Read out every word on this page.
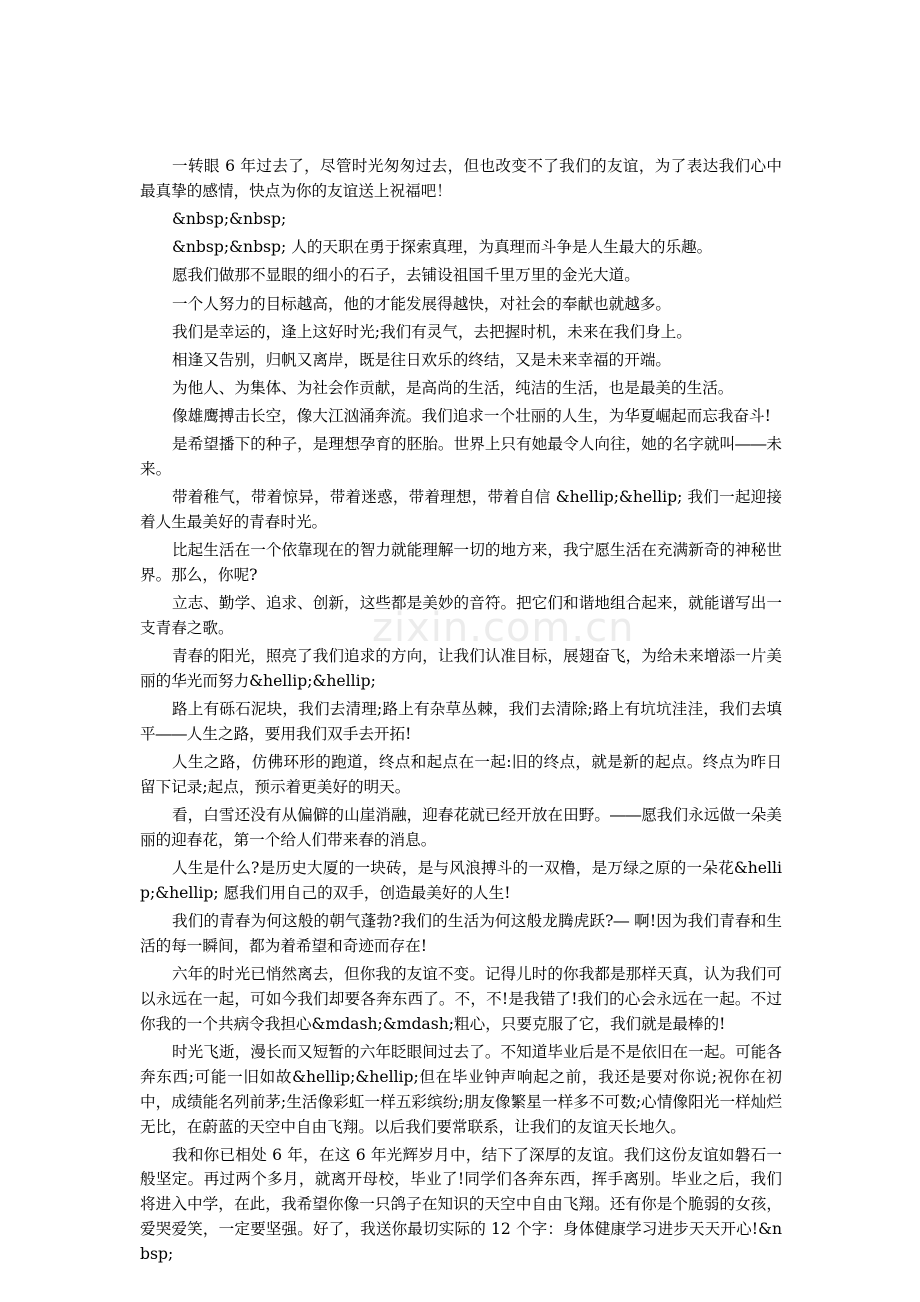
一转眼 6 年过去了，尽管时光匆匆过去，但也改变不了我们的友谊，为了表达我们心中最真挚的感情，快点为你的友谊送上祝福吧！

&nbsp;&nbsp;

&nbsp;&nbsp; 人的天职在勇于探索真理，为真理而斗争是人生最大的乐趣。

愿我们做那不显眼的细小的石子，去铺设祖国千里万里的金光大道。

一个人努力的目标越高，他的才能发展得越快，对社会的奉献也就越多。

我们是幸运的，逢上这好时光;我们有灵气，去把握时机，未来在我们身上。

相逢又告别，归帆又离岸，既是往日欢乐的终结，又是未来幸福的开端。

为他人、为集体、为社会作贡献，是高尚的生活，纯洁的生活，也是最美的生活。

像雄鹰搏击长空，像大江汹涌奔流。我们追求一个壮丽的人生，为华夏崛起而忘我奋斗!

是希望播下的种子，是理想孕育的胚胎。世界上只有她最令人向往，她的名字就叫――未来。

带着稚气，带着惊异，带着迷惑，带着理想，带着自信 &hellip;&hellip; 我们一起迎接着人生最美好的青春时光。

比起生活在一个依靠现在的智力就能理解一切的地方来，我宁愿生活在充满新奇的神秘世界。那么，你呢?

立志、勤学、追求、创新，这些都是美妙的音符。把它们和谐地组合起来，就能谱写出一支青春之歌。

青春的阳光，照亮了我们追求的方向，让我们认准目标，展翅奋飞，为给未来增添一片美丽的华光而努力&hellip;&hellip;

路上有砾石泥块，我们去清理;路上有杂草丛棘，我们去清除;路上有坑坑洼洼，我们去填平――人生之路，要用我们双手去开拓!

人生之路，仿佛环形的跑道，终点和起点在一起:旧的终点，就是新的起点。终点为昨日留下记录;起点，预示着更美好的明天。

看，白雪还没有从偏僻的山崖消融，迎春花就已经开放在田野。――愿我们永远做一朵美丽的迎春花，第一个给人们带来春的消息。

人生是什么?是历史大厦的一块砖，是与风浪搏斗的一双橹，是万绿之原的一朵花&hellip;&hellip; 愿我们用自己的双手，创造最美好的人生!

我们的青春为何这般的朝气蓬勃?我们的生活为何这般龙腾虎跃?― 啊!因为我们青春和生活的每一瞬间，都为着希望和奇迹而存在!

六年的时光已悄然离去，但你我的友谊不变。记得儿时的你我都是那样天真，认为我们可以永远在一起，可如今我们却要各奔东西了。不，不!是我错了!我们的心会永远在一起。不过你我的一个共病令我担心&mdash;&mdash;粗心，只要克服了它，我们就是最棒的!

时光飞逝，漫长而又短暂的六年眨眼间过去了。不知道毕业后是不是依旧在一起。可能各奔东西;可能一旧如故&hellip;&hellip;但在毕业钟声响起之前，我还是要对你说;祝你在初中，成绩能名列前茅;生活像彩虹一样五彩缤纷;朋友像繁星一样多不可数;心情像阳光一样灿烂无比，在蔚蓝的天空中自由飞翔。以后我们要常联系，让我们的友谊天长地久。

我和你已相处 6 年，在这 6 年光辉岁月中，结下了深厚的友谊。我们这份友谊如磐石一般坚定。再过两个多月，就离开母校，毕业了!同学们各奔东西，挥手离别。毕业之后，我们将进入中学，在此，我希望你像一只鸽子在知识的天空中自由飞翔。还有你是个脆弱的女孩，爱哭爱笑，一定要坚强。好了，我送你最切实际的 12 个字：身体健康学习进步天天开心!&nbsp;

zixin.com.cn
